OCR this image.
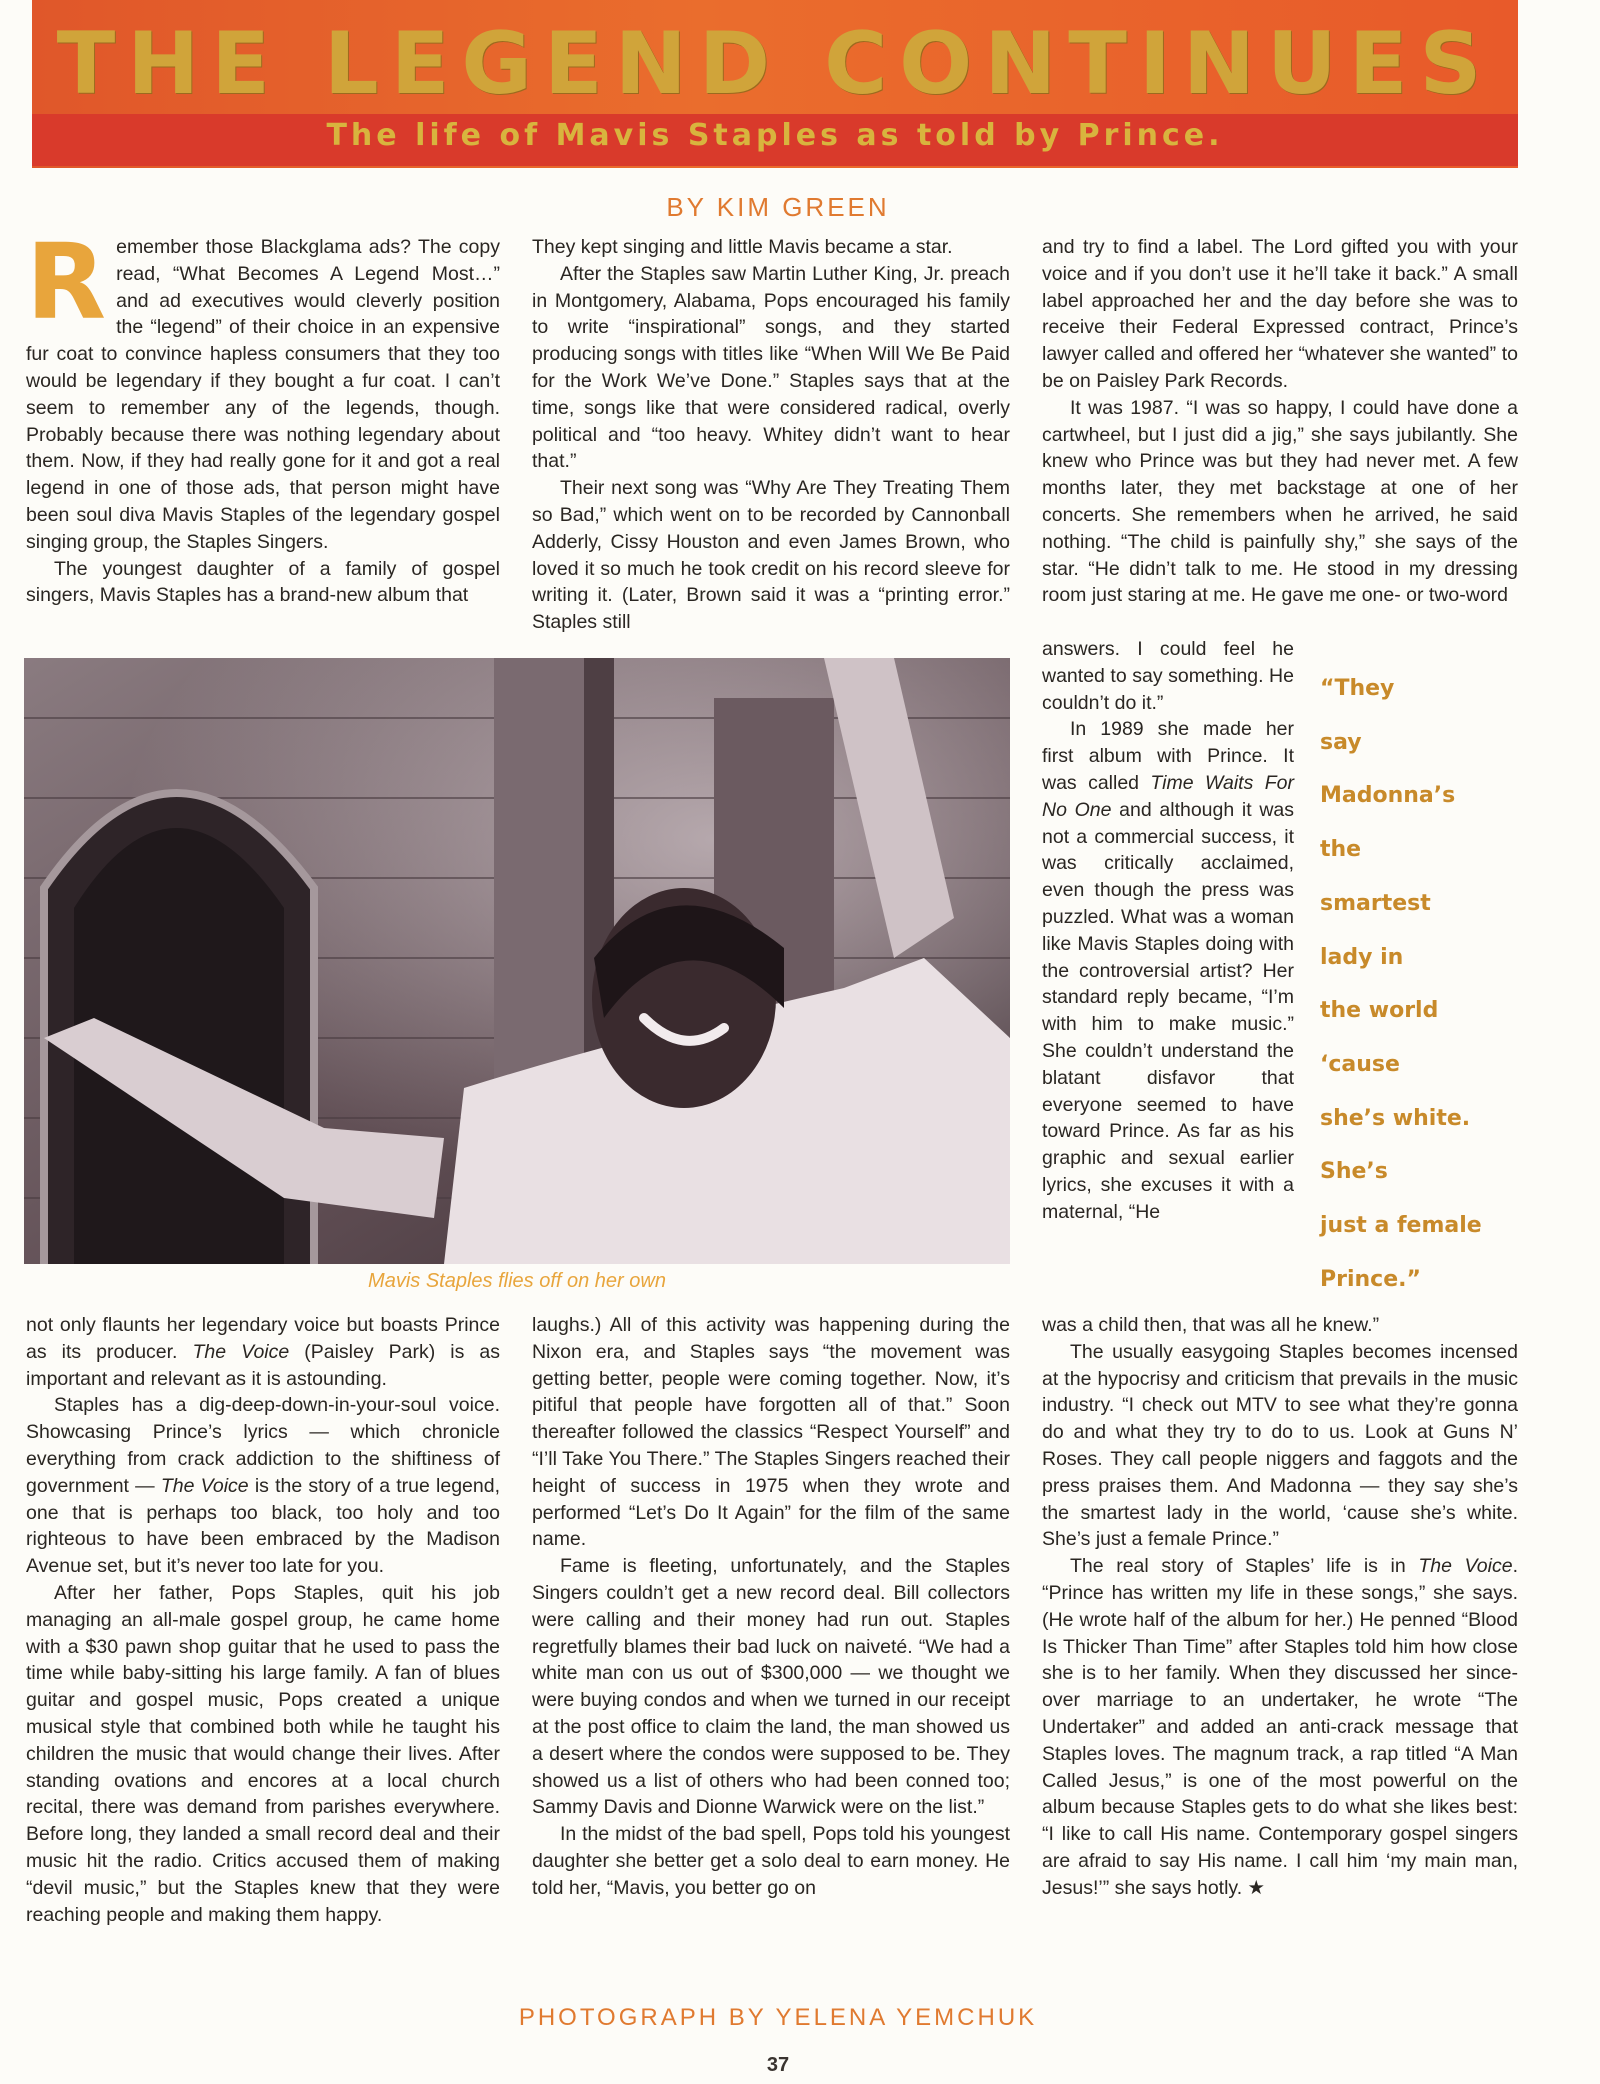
THE LEGEND CONTINUES
The life of Mavis Staples as told by Prince.
BY KIM GREEN

Remember those Blackglama ads? The copy read, “What Becomes A Legend Most…” and ad executives would cleverly position the “legend” of their choice in an expensive fur coat to convince hapless consumers that they too would be legendary if they bought a fur coat. I can’t seem to remember any of the legends, though. Probably because there was nothing legendary about them. Now, if they had really gone for it and got a real legend in one of those ads, that person might have been soul diva Mavis Staples of the legendary gospel singing group, the Staples Singers.

The youngest daughter of a family of gospel singers, Mavis Staples has a brand-new album that

They kept singing and little Mavis became a star.

After the Staples saw Martin Luther King, Jr. preach in Montgomery, Alabama, Pops encouraged his family to write “inspirational” songs, and they started producing songs with titles like “When Will We Be Paid for the Work We’ve Done.” Staples says that at the time, songs like that were considered radical, overly political and “too heavy. Whitey didn’t want to hear that.”

Their next song was “Why Are They Treating Them so Bad,” which went on to be recorded by Cannonball Adderly, Cissy Houston and even James Brown, who loved it so much he took credit on his record sleeve for writing it. (Later, Brown said it was a “printing error.” Staples still

and try to find a label. The Lord gifted you with your voice and if you don’t use it he’ll take it back.” A small label approached her and the day before she was to receive their Federal Expressed contract, Prince’s lawyer called and offered her “whatever she wanted” to be on Paisley Park Records.

It was 1987. “I was so happy, I could have done a cartwheel, but I just did a jig,” she says jubilantly. She knew who Prince was but they had never met. A few months later, they met backstage at one of her concerts. She remembers when he arrived, he said nothing. “The child is painfully shy,” she says of the star. “He didn’t talk to me. He stood in my dressing room just staring at me. He gave me one- or two-word

answers. I could feel he wanted to say something. He couldn’t do it.”

In 1989 she made her first album with Prince. It was called Time Waits For No One and although it was not a commercial success, it was critically acclaimed, even though the press was puzzled. What was a woman like Mavis Staples doing with the controversial artist? Her standard reply became, “I’m with him to make music.” She couldn’t understand the blatant disfavor that everyone seemed to have toward Prince. As far as his graphic and sexual earlier lyrics, she excuses it with a maternal, “He

“They
say
Madonna’s
the
smartest
lady in
the world
‘cause
she’s white.
She’s
just a female
Prince.”
Mavis Staples flies off on her own

not only flaunts her legendary voice but boasts Prince as its producer. The Voice (Paisley Park) is as important and relevant as it is astounding.

Staples has a dig-deep-down-in-your-soul voice. Showcasing Prince’s lyrics — which chronicle everything from crack addiction to the shiftiness of government — The Voice is the story of a true legend, one that is perhaps too black, too holy and too righteous to have been embraced by the Madison Avenue set, but it’s never too late for you.

After her father, Pops Staples, quit his job managing an all-male gospel group, he came home with a $30 pawn shop guitar that he used to pass the time while baby-sitting his large family. A fan of blues guitar and gospel music, Pops created a unique musical style that combined both while he taught his children the music that would change their lives. After standing ovations and encores at a local church recital, there was demand from parishes everywhere. Before long, they landed a small record deal and their music hit the radio. Critics accused them of making “devil music,” but the Staples knew that they were reaching people and making them happy.

laughs.) All of this activity was happening during the Nixon era, and Staples says “the movement was getting better, people were coming together. Now, it’s pitiful that people have forgotten all of that.” Soon thereafter followed the classics “Respect Yourself” and “I’ll Take You There.” The Staples Singers reached their height of success in 1975 when they wrote and performed “Let’s Do It Again” for the film of the same name.

Fame is fleeting, unfortunately, and the Staples Singers couldn’t get a new record deal. Bill collectors were calling and their money had run out. Staples regretfully blames their bad luck on naiveté. “We had a white man con us out of $300,000 — we thought we were buying condos and when we turned in our receipt at the post office to claim the land, the man showed us a desert where the condos were supposed to be. They showed us a list of others who had been conned too; Sammy Davis and Dionne Warwick were on the list.”

In the midst of the bad spell, Pops told his youngest daughter she better get a solo deal to earn money. He told her, “Mavis, you better go on

was a child then, that was all he knew.”

The usually easygoing Staples becomes incensed at the hypocrisy and criticism that prevails in the music industry. “I check out MTV to see what they’re gonna do and what they try to do to us. Look at Guns N’ Roses. They call people niggers and faggots and the press praises them. And Madonna — they say she’s the smartest lady in the world, ‘cause she’s white. She’s just a female Prince.”

The real story of Staples’ life is in The Voice. “Prince has written my life in these songs,” she says. (He wrote half of the album for her.) He penned “Blood Is Thicker Than Time” after Staples told him how close she is to her family. When they discussed her since-over marriage to an undertaker, he wrote “The Undertaker” and added an anti-crack message that Staples loves. The magnum track, a rap titled “A Man Called Jesus,” is one of the most powerful on the album because Staples gets to do what she likes best: “I like to call His name. Contemporary gospel singers are afraid to say His name. I call him ‘my main man, Jesus!’” she says hotly. ★

PHOTOGRAPH BY YELENA YEMCHUK
37
